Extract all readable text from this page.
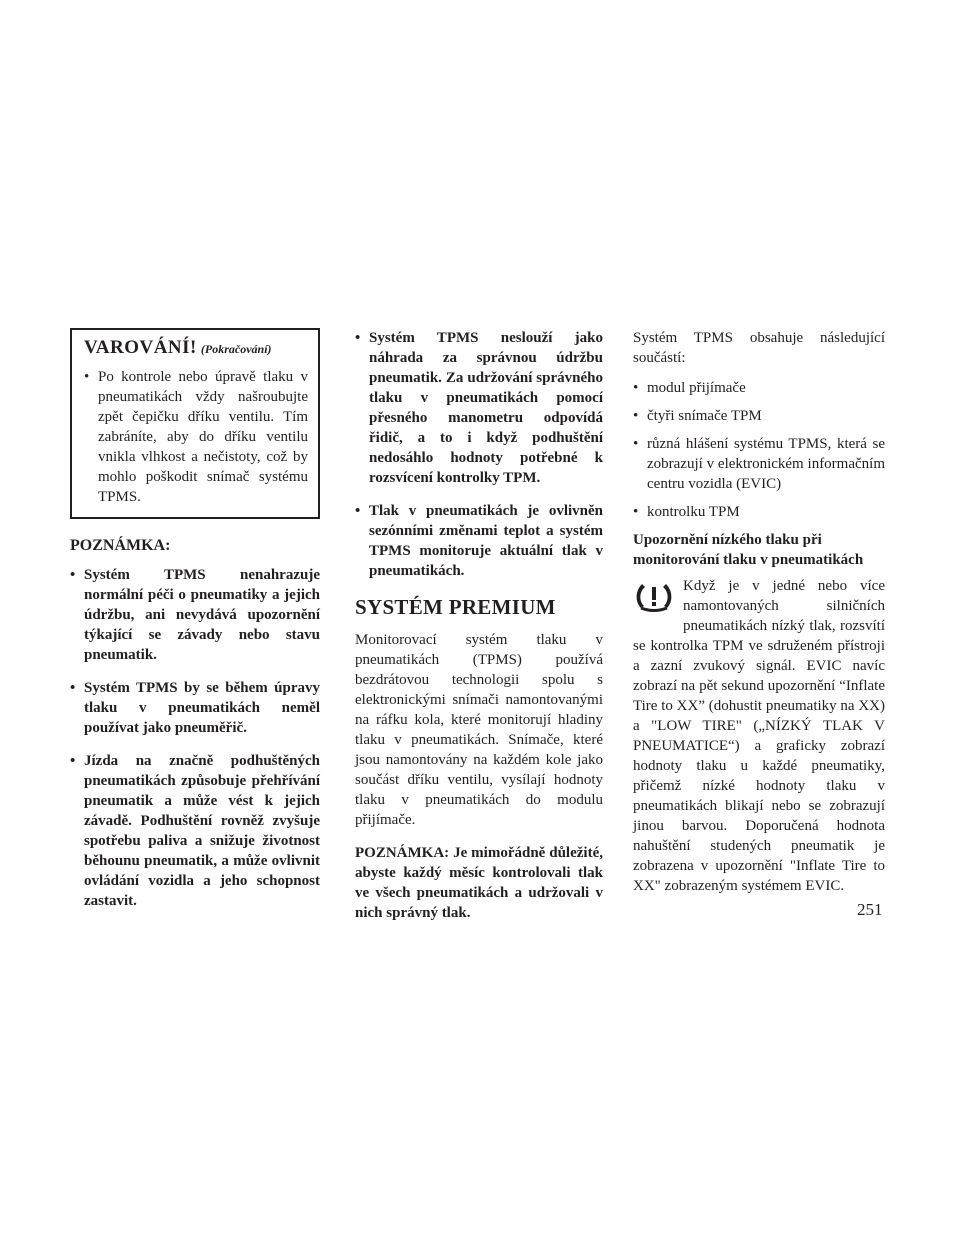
VAROVÁNÍ! (Pokračování)
• Po kontrole nebo úpravě tlaku v pneumatikách vždy našroubujte zpět čepičku dříku ventilu. Tím zabráníte, aby do dříku ventilu vnikla vlhkost a nečistoty, což by mohlo poškodit snímač systému TPMS.
POZNÁMKA:
• Systém TPMS nenahrazuje normální péči o pneumatiky a jejich údržbu, ani nevydává upozornění týkající se závady nebo stavu pneumatik.
• Systém TPMS by se během úpravy tlaku v pneumatikách neměl používat jako pneuměřič.
• Jízda na značně podhuštěných pneumatikách způsobuje přehřívání pneumatik a může vést k jejich závadě. Podhuštění rovněž zvyšuje spotřebu paliva a snižuje životnost běhounu pneumatik, a může ovlivnit ovládání vozidla a jeho schopnost zastavit.
• Systém TPMS neslouží jako náhrada za správnou údržbu pneumatik. Za udržování správného tlaku v pneumatikách pomocí přesného manometru odpovídá řidič, a to i když podhuštění nedosáhlo hodnoty potřebné k rozsvícení kontrolky TPM.
• Tlak v pneumatikách je ovlivněn sezónními změnami teplot a systém TPMS monitoruje aktuální tlak v pneumatikách.
SYSTÉM PREMIUM

Monitorovací systém tlaku v pneumatikách (TPMS) používá bezdrátovou technologii spolu s elektronickými snímači namontovanými na ráfku kola, které monitorují hladiny tlaku v pneumatikách. Snímače, které jsou namontovány na každém kole jako součást dříku ventilu, vysílají hodnoty tlaku v pneumatikách do modulu přijímače.

POZNÁMKA: Je mimořádně důležité, abyste každý měsíc kontrolovali tlak ve všech pneumatikách a udržovali v nich správný tlak.

Systém TPMS obsahuje následující součástí:

• modul přijímače
• čtyři snímače TPM
• různá hlášení systému TPMS, která se zobrazují v elektronickém informačním centru vozidla (EVIC)
• kontrolku TPM
Upozornění nízkého tlaku při monitorování tlaku v pneumatikách

Když je v jedné nebo více namontovaných silničních pneumatikách nízký tlak, rozsvítí se kontrolka TPM ve sdruženém přístroji a zazní zvukový signál. EVIC navíc zobrazí na pět sekund upozornění “Inflate Tire to XX” (dohustit pneumatiky na XX) a "LOW TIRE" („NÍZKÝ TLAK V PNEUMATICE“) a graficky zobrazí hodnoty tlaku u každé pneumatiky, přičemž nízké hodnoty tlaku v pneumatikách blikají nebo se zobrazují jinou barvou. Doporučená hodnota nahuštění studených pneumatik je zobrazena v upozornění "Inflate Tire to XX" zobrazeným systémem EVIC.

251
